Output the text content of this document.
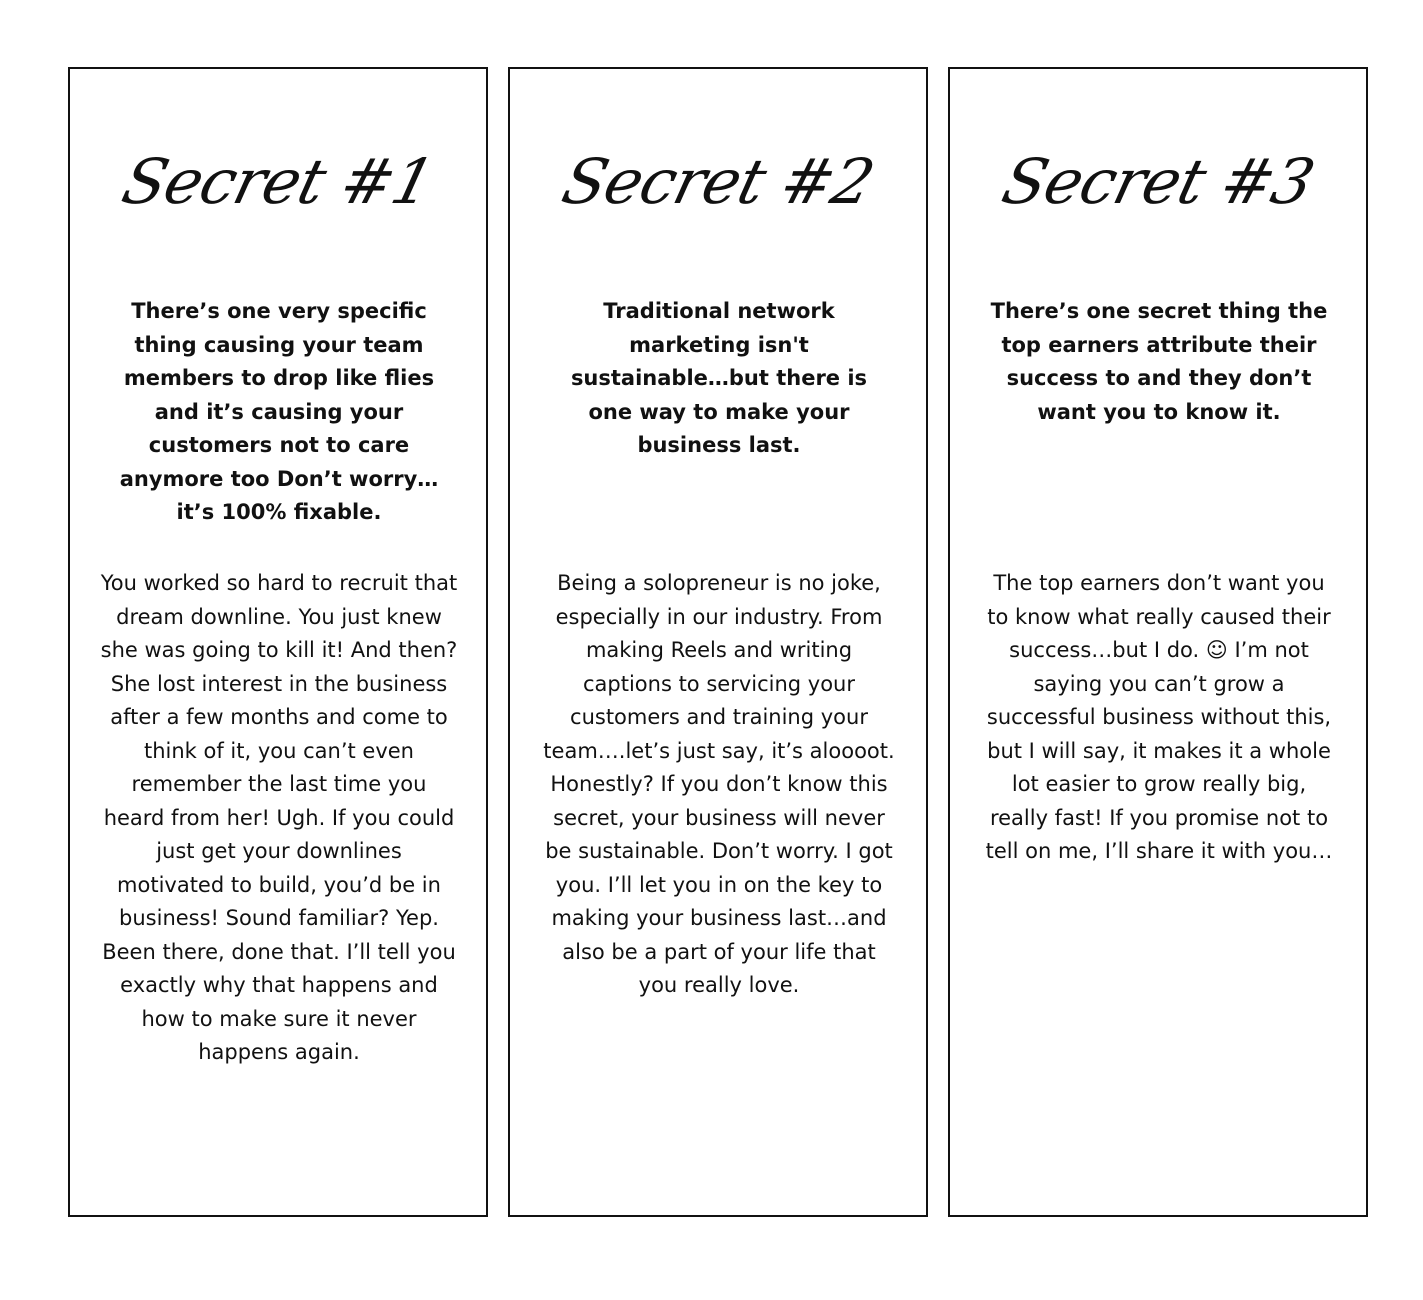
Secret #1

There’s one very specific thing causing your team members to drop like flies and it’s causing your customers not to care anymore too Don’t worry… it’s 100% fixable.

You worked so hard to recruit that dream downline. You just knew she was going to kill it! And then? She lost interest in the business after a few months and come to think of it, you can’t even remember the last time you heard from her! Ugh. If you could just get your downlines motivated to build, you’d be in business! Sound familiar? Yep. Been there, done that. I’ll tell you exactly why that happens and how to make sure it never happens again.

Secret #2

Traditional network marketing isn't sustainable…but there is one way to make your business last.

Being a solopreneur is no joke, especially in our industry. From making Reels and writing captions to servicing your customers and training your team….let’s just say, it’s aloooot. Honestly? If you don’t know this secret, your business will never be sustainable. Don’t worry. I got you. I’ll let you in on the key to making your business last…and also be a part of your life that you really love.

Secret #3

There’s one secret thing the top earners attribute their success to and they don’t want you to know it.

The top earners don’t want you to know what really caused their success…but I do. ☺ I’m not saying you can’t grow a successful business without this, but I will say, it makes it a whole lot easier to grow really big, really fast! If you promise not to tell on me, I’ll share it with you…
